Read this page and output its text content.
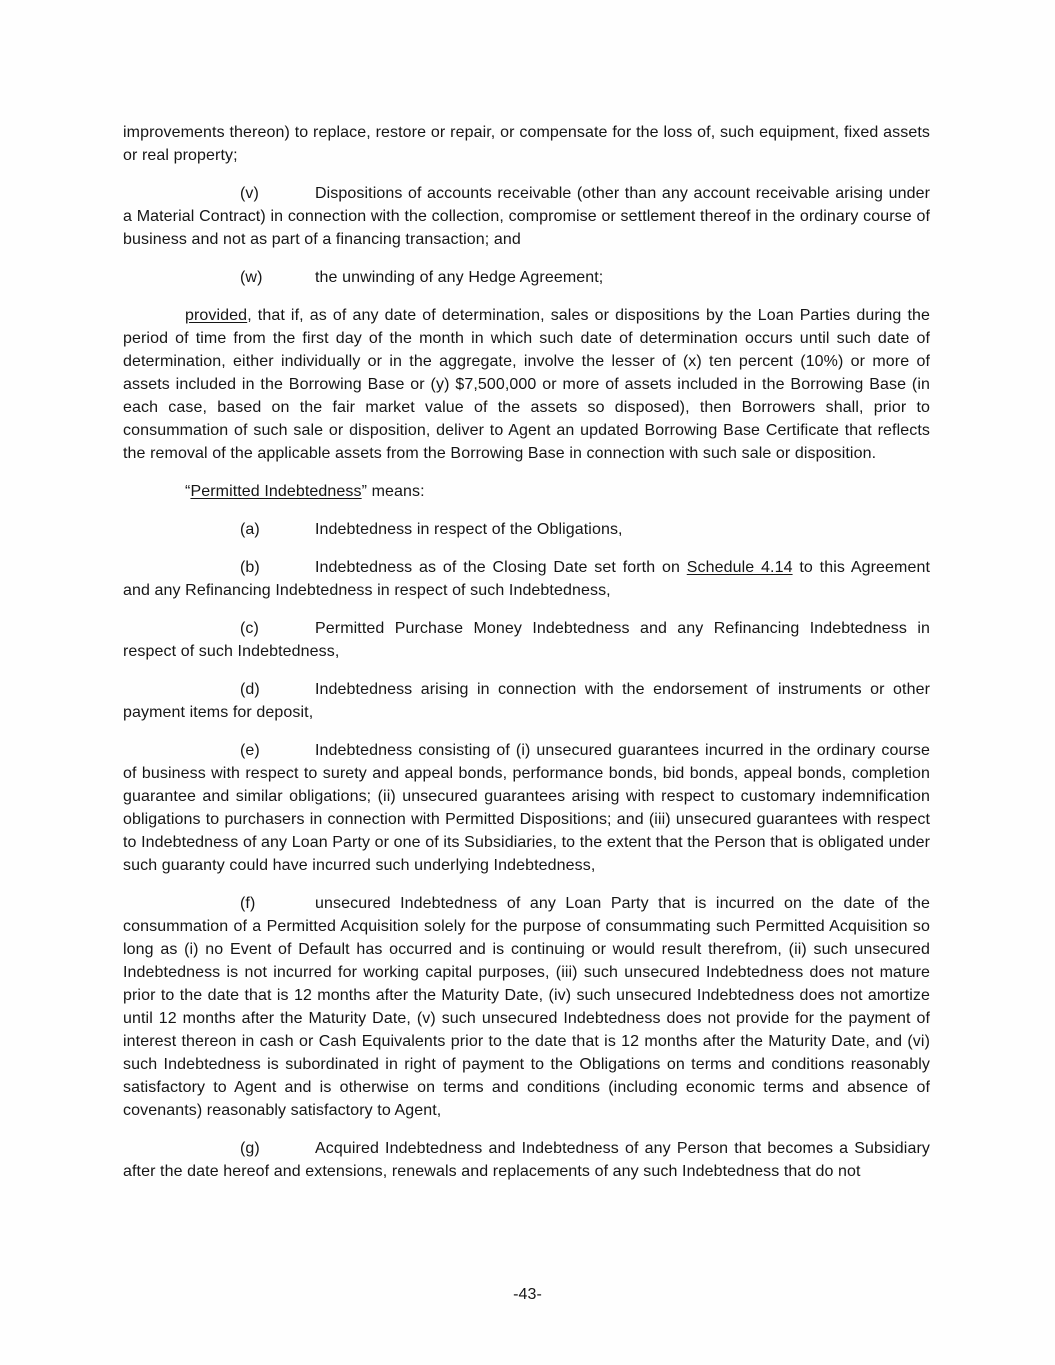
improvements thereon) to replace, restore or repair, or compensate for the loss of, such equipment, fixed assets or real property;

(v)	Dispositions of accounts receivable (other than any account receivable arising under a Material Contract) in connection with the collection, compromise or settlement thereof in the ordinary course of business and not as part of a financing transaction; and

(w)	the unwinding of any Hedge Agreement;

provided, that if, as of any date of determination, sales or dispositions by the Loan Parties during the period of time from the first day of the month in which such date of determination occurs until such date of determination, either individually or in the aggregate, involve the lesser of (x) ten percent (10%) or more of assets included in the Borrowing Base or (y) $7,500,000 or more of assets included in the Borrowing Base (in each case, based on the fair market value of the assets so disposed), then Borrowers shall, prior to consummation of such sale or disposition, deliver to Agent an updated Borrowing Base Certificate that reflects the removal of the applicable assets from the Borrowing Base in connection with such sale or disposition.

“Permitted Indebtedness” means:

(a)	Indebtedness in respect of the Obligations,

(b)	Indebtedness as of the Closing Date set forth on Schedule 4.14 to this Agreement and any Refinancing Indebtedness in respect of such Indebtedness,

(c)	Permitted Purchase Money Indebtedness and any Refinancing Indebtedness in respect of such Indebtedness,

(d)	Indebtedness arising in connection with the endorsement of instruments or other payment items for deposit,

(e)	Indebtedness consisting of (i) unsecured guarantees incurred in the ordinary course of business with respect to surety and appeal bonds, performance bonds, bid bonds, appeal bonds, completion guarantee and similar obligations; (ii) unsecured guarantees arising with respect to customary indemnification obligations to purchasers in connection with Permitted Dispositions; and (iii) unsecured guarantees with respect to Indebtedness of any Loan Party or one of its Subsidiaries, to the extent that the Person that is obligated under such guaranty could have incurred such underlying Indebtedness,

(f)	unsecured Indebtedness of any Loan Party that is incurred on the date of the consummation of a Permitted Acquisition solely for the purpose of consummating such Permitted Acquisition so long as (i) no Event of Default has occurred and is continuing or would result therefrom, (ii) such unsecured Indebtedness is not incurred for working capital purposes, (iii) such unsecured Indebtedness does not mature prior to the date that is 12 months after the Maturity Date, (iv) such unsecured Indebtedness does not amortize until 12 months after the Maturity Date, (v) such unsecured Indebtedness does not provide for the payment of interest thereon in cash or Cash Equivalents prior to the date that is 12 months after the Maturity Date, and (vi) such Indebtedness is subordinated in right of payment to the Obligations on terms and conditions reasonably satisfactory to Agent and is otherwise on terms and conditions (including economic terms and absence of covenants) reasonably satisfactory to Agent,

(g)	Acquired Indebtedness and Indebtedness of any Person that becomes a Subsidiary after the date hereof and extensions, renewals and replacements of any such Indebtedness that do not

-43-
